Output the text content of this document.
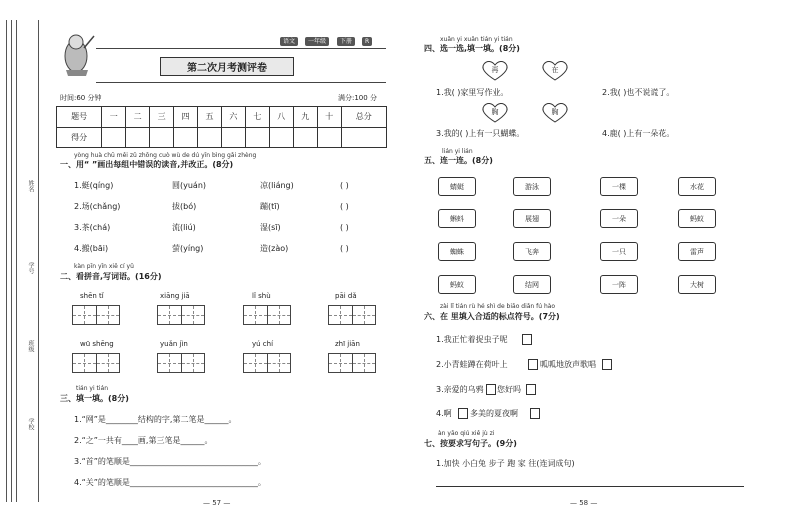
姓名
学号
班级
学校
语文	一年级	下册	R
第二次月考测评卷
时间:60 分钟	满分:100 分
题号	一	二	三	四	五	六	七	八	九	十	总分
得分											
yòng huà chū měi zǔ zhōng cuò wù de dú yīn bìng gǎi zhèng
一、用“ ”画出每组中错误的读音,并改正。(8分)
1.蜓(qíng)	圆(yuán)	凉(liáng)	( )
2.场(chǎng)	拔(bó)	蹦(tī)	( )
3.茶(chá)	流(liú)	湿(sī)	( )
4.搬(bāi)	萤(yíng)	造(zào)	( )
kàn pīn yīn xiě cí yǔ
二、看拼音,写词语。(16分)
shēn tǐ	xiāng jiā	lǐ shù	pāi dǎ
wū shēng	yuǎn jìn	yú chí	zhī jiān
tián yi tián
三、填一填。(8分)
1.“网”是________结构的字,第二笔是______。
2.“之”一共有____画,第三笔是______。
3.“首”的笔顺是________________________________。
4.“关”的笔顺是________________________________。
— 57 —
xuǎn yi xuǎn tián yi tián
四、选一选,填一填。(8分)
再	在
1.我( )家里写作业。	2.我( )也不说谎了。
胸	胸
3.我的( )上有一只蝴蝶。	4.鹿( )上有一朵花。
lián yi lián
五、连一连。(8分)
蜻蜓	游泳	一棵	水花
蝌蚪	展翅	一朵	蚂蚁
蜘蛛	飞奔	一只	雷声
蚂蚁	结网	一阵	大树
zài lǐ tián rù hé shì de biāo diǎn fú hào
六、在 里填入合适的标点符号。(7分)
1.我正忙着捉虫子呢
2.小青蛙蹲在荷叶上	呱呱地放声歌唱
3.亲爱的乌鸦 您好吗
4.啊 多美的夏夜啊
àn yāo qiú xiě jù zi
七、按要求写句子。(9分)
1.加快 小白兔 步子 跑 家 往(连词成句)
— 58 —
